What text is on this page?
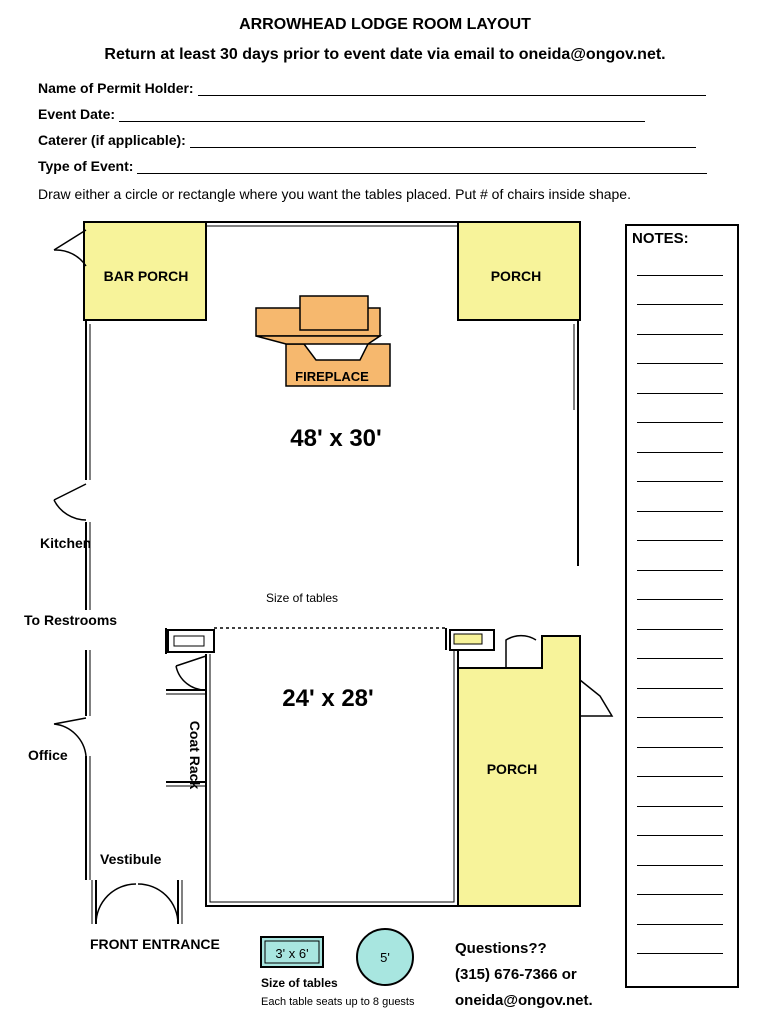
ARROWHEAD LODGE ROOM LAYOUT
Return at least 30 days prior to event date via email to oneida@ongov.net.
Name of Permit Holder:
Event Date:
Caterer (if applicable):
Type of Event:
Draw either a circle or rectangle where you want the tables placed. Put # of chairs inside shape.
BAR PORCH	PORCH
FIREPLACE
48' x 30'
Kitchen
Size of tables
To Restrooms
24' x 28'
Coat Rack
Office
PORCH
Vestibule
3' x 6'	5'
FRONT ENTRANCE
Size of tables
Each table seats up to 8 guests
NOTES:
Questions??
(315) 676-7366 or
oneida@ongov.net.
